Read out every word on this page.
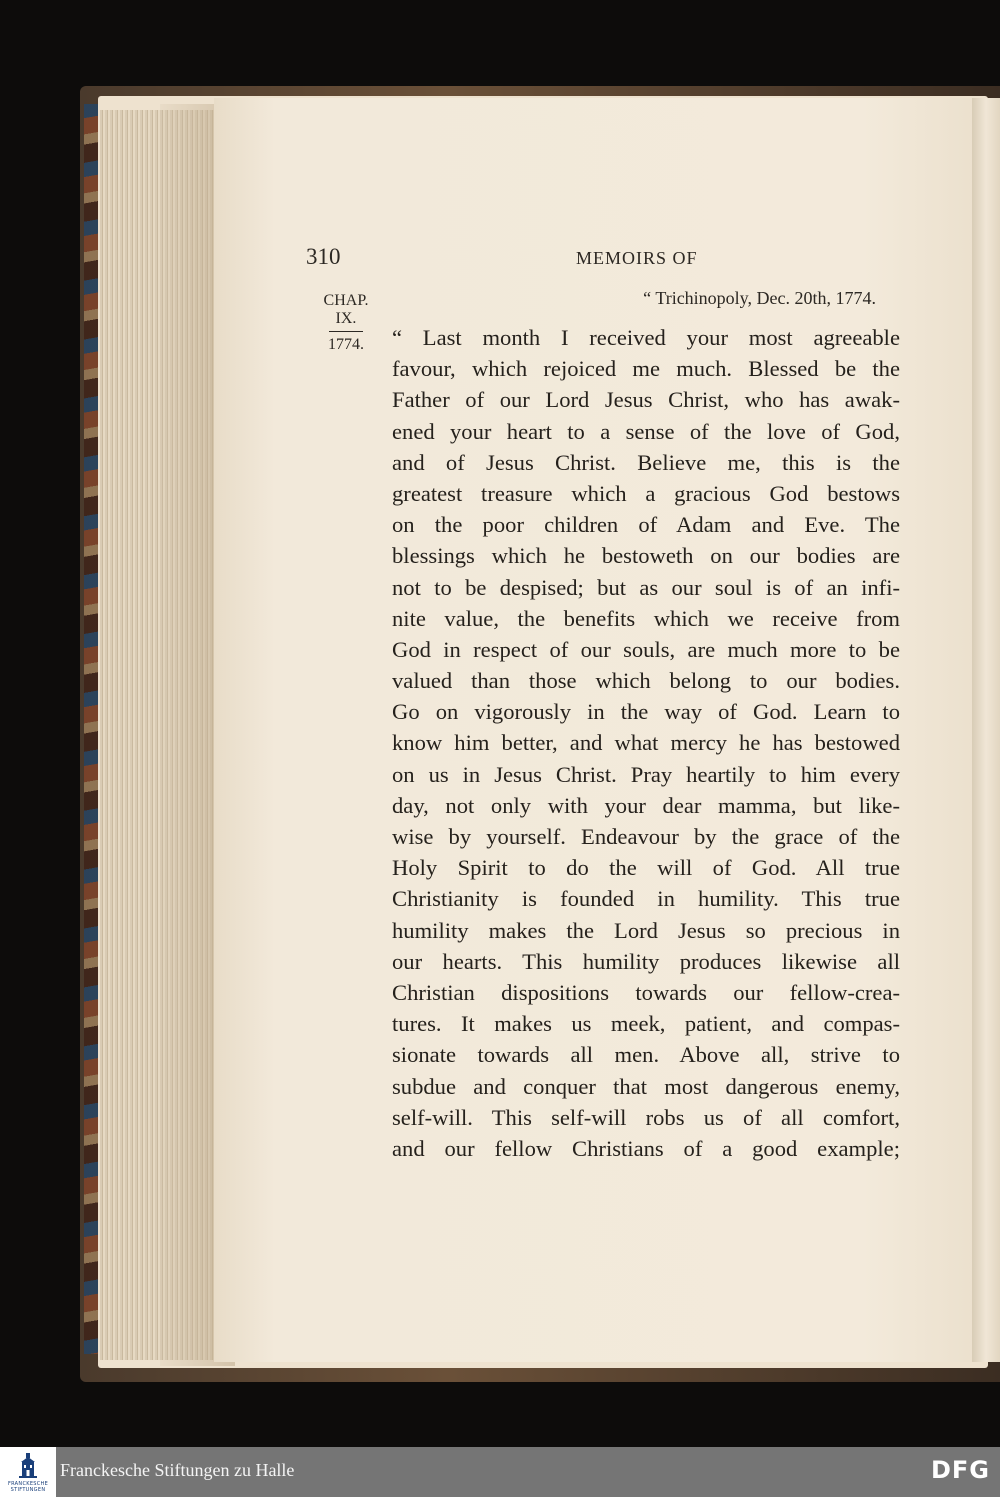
310	MEMOIRS OF
CHAP.
IX.
1774.
“ Trichinopoly, Dec. 20th, 1774.
“ Last month I received your most agreeable
favour, which rejoiced me much. Blessed be the
Father of our Lord Jesus Christ, who has awak-
ened your heart to a sense of the love of God,
and of Jesus Christ. Believe me, this is the
greatest treasure which a gracious God bestows
on the poor children of Adam and Eve. The
blessings which he bestoweth on our bodies are
not to be despised; but as our soul is of an infi-
nite value, the benefits which we receive from
God in respect of our souls, are much more to be
valued than those which belong to our bodies.
Go on vigorously in the way of God. Learn to
know him better, and what mercy he has bestowed
on us in Jesus Christ. Pray heartily to him every
day, not only with your dear mamma, but like-
wise by yourself. Endeavour by the grace of the
Holy Spirit to do the will of God. All true
Christianity is founded in humility. This true
humility makes the Lord Jesus so precious in
our hearts. This humility produces likewise all
Christian dispositions towards our fellow-crea-
tures. It makes us meek, patient, and compas-
sionate towards all men. Above all, strive to
subdue and conquer that most dangerous enemy,
self-will. This self-will robs us of all comfort,
and our fellow Christians of a good example;
FRANCKESCHE STIFTUNGEN
Franckesche Stiftungen zu Halle	DFG
